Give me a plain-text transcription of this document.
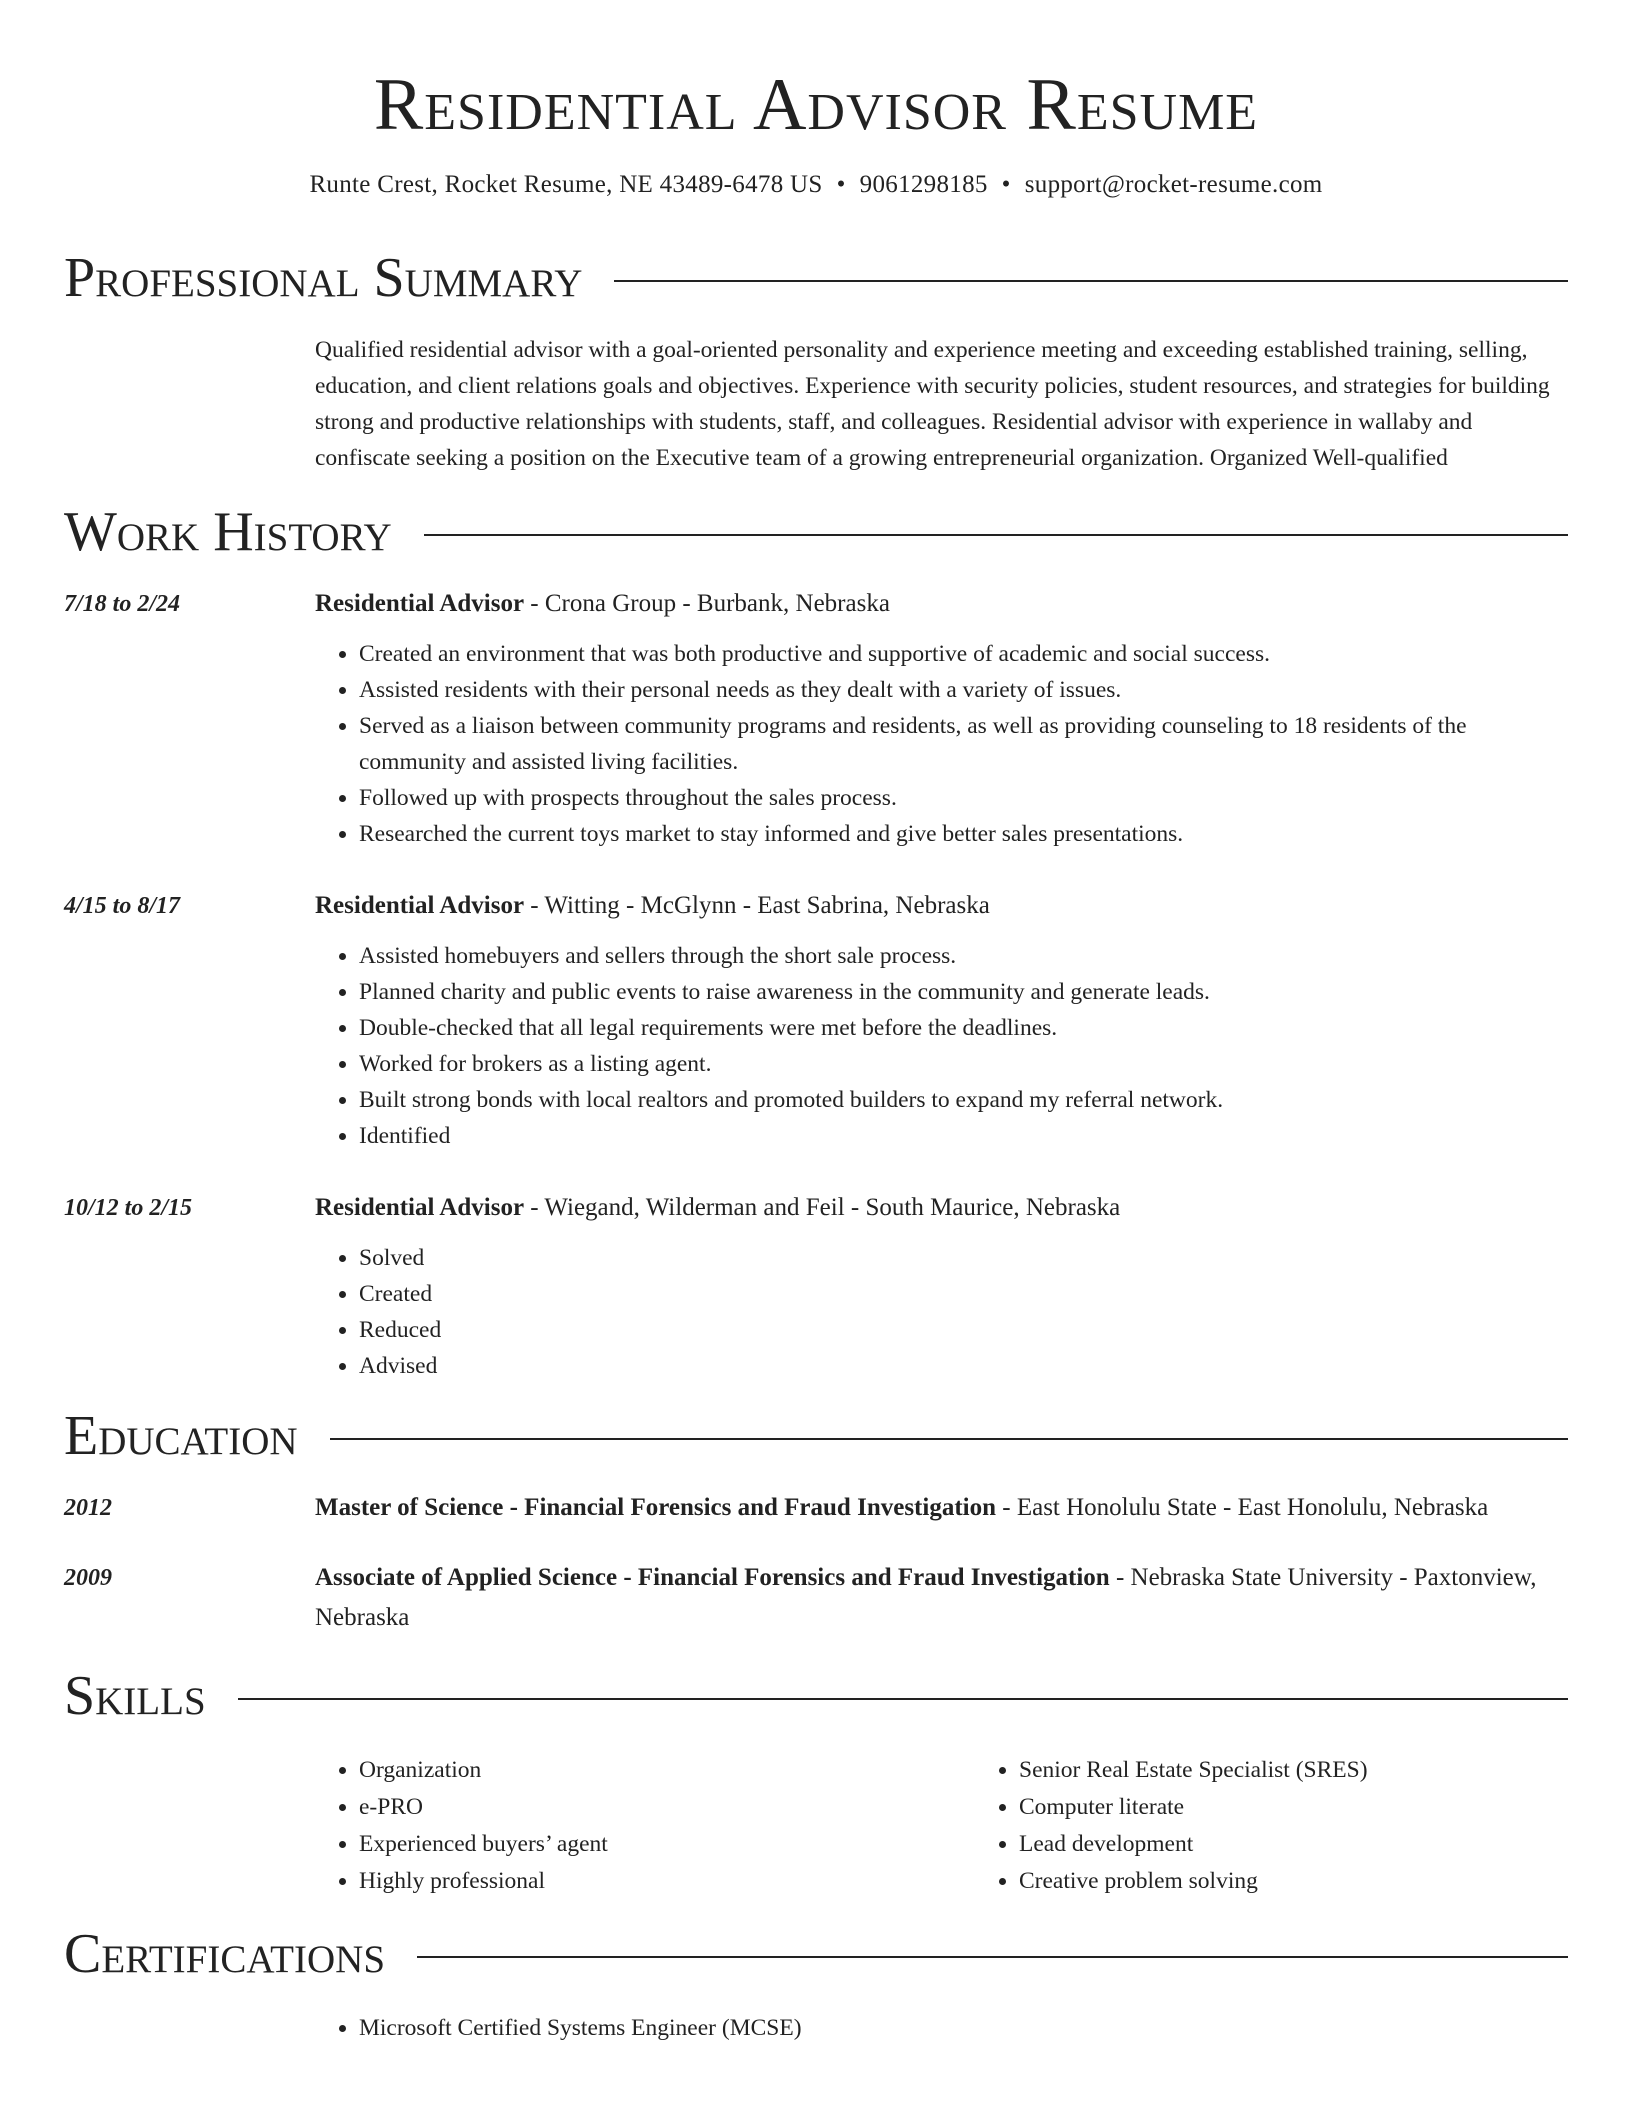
Residential Advisor Resume
Runte Crest, Rocket Resume, NE 43489-6478 US • 9061298185 • support@rocket-resume.com
Professional Summary
Qualified residential advisor with a goal-oriented personality and experience meeting and exceeding established training, selling, education, and client relations goals and objectives. Experience with security policies, student resources, and strategies for building strong and productive relationships with students, staff, and colleagues. Residential advisor with experience in wallaby and confiscate seeking a position on the Executive team of a growing entrepreneurial organization. Organized Well-qualified
Work History
7/18 to 2/24	Residential Advisor - Crona Group - Burbank, Nebraska
• Created an environment that was both productive and supportive of academic and social success.
• Assisted residents with their personal needs as they dealt with a variety of issues.
• Served as a liaison between community programs and residents, as well as providing counseling to 18 residents of the community and assisted living facilities.
• Followed up with prospects throughout the sales process.
• Researched the current toys market to stay informed and give better sales presentations.
4/15 to 8/17	Residential Advisor - Witting - McGlynn - East Sabrina, Nebraska
• Assisted homebuyers and sellers through the short sale process.
• Planned charity and public events to raise awareness in the community and generate leads.
• Double-checked that all legal requirements were met before the deadlines.
• Worked for brokers as a listing agent.
• Built strong bonds with local realtors and promoted builders to expand my referral network.
• Identified
10/12 to 2/15	Residential Advisor - Wiegand, Wilderman and Feil - South Maurice, Nebraska
• Solved
• Created
• Reduced
• Advised
Education
2012	Master of Science - Financial Forensics and Fraud Investigation - East Honolulu State - East Honolulu, Nebraska
2009	Associate of Applied Science - Financial Forensics and Fraud Investigation - Nebraska State University - Paxtonview, Nebraska
Skills
• Organization
• e-PRO
• Experienced buyers’ agent
• Highly professional
• Senior Real Estate Specialist (SRES)
• Computer literate
• Lead development
• Creative problem solving
Certifications
• Microsoft Certified Systems Engineer (MCSE)
